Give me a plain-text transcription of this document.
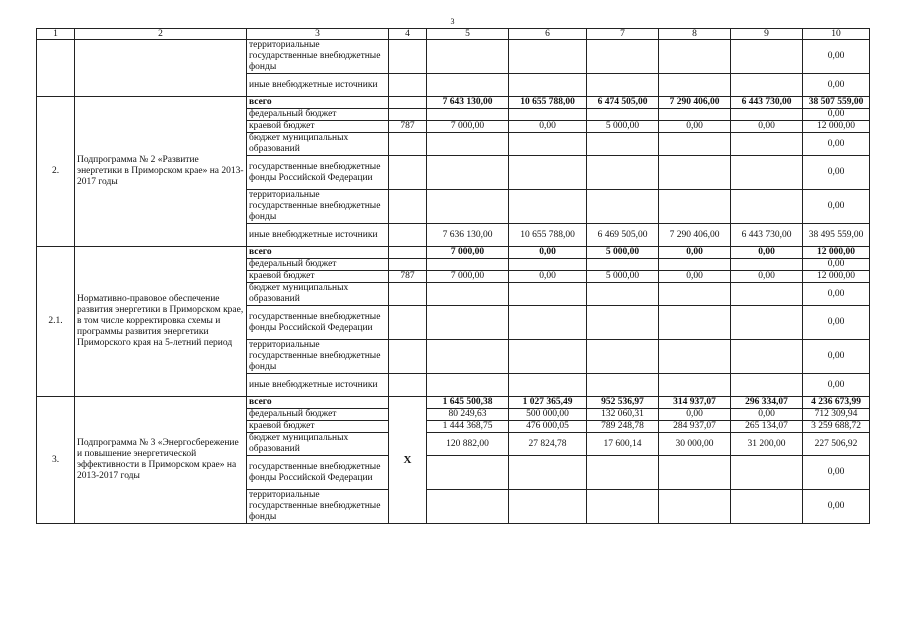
3
1	2	3	4	5	6	7	8	9	10
		территориальные государственные внебюджетные фонды							0,00
		иные внебюджетные источники							0,00
2.	Подпрограмма № 2 «Развитие энергетики в Приморском крае» на 2013-2017 годы	всего		7 643 130,00	10 655 788,00	6 474 505,00	7 290 406,00	6 443 730,00	38 507 559,00
		федеральный бюджет							0,00
		краевой бюджет	787	7 000,00	0,00	5 000,00	0,00	0,00	12 000,00
		бюджет муниципальных образований							0,00
		государственные внебюджетные фонды Российской Федерации							0,00
		территориальные государственные внебюджетные фонды							0,00
		иные внебюджетные источники		7 636 130,00	10 655 788,00	6 469 505,00	7 290 406,00	6 443 730,00	38 495 559,00
2.1.	Нормативно-правовое обеспечение развития энергетики в Приморском крае, в том числе корректировка схемы и программы развития энергетики Приморского края на 5-летний период	всего		7 000,00	0,00	5 000,00	0,00	0,00	12 000,00
		федеральный бюджет							0,00
		краевой бюджет	787	7 000,00	0,00	5 000,00	0,00	0,00	12 000,00
		бюджет муниципальных образований							0,00
		государственные внебюджетные фонды Российской Федерации							0,00
		территориальные государственные внебюджетные фонды							0,00
		иные внебюджетные источники							0,00
3.	Подпрограмма № 3 «Энергосбережение и повышение энергетической эффективности в Приморском крае» на 2013-2017 годы	всего	X	1 645 500,38	1 027 365,49	952 536,97	314 937,07	296 334,07	4 236 673,99
		федеральный бюджет		80 249,63	500 000,00	132 060,31	0,00	0,00	712 309,94
		краевой бюджет		1 444 368,75	476 000,05	789 248,78	284 937,07	265 134,07	3 259 688,72
		бюджет муниципальных образований		120 882,00	27 824,78	17 600,14	30 000,00	31 200,00	227 506,92
		государственные внебюджетные фонды Российской Федерации							0,00
		территориальные государственные внебюджетные фонды							0,00
